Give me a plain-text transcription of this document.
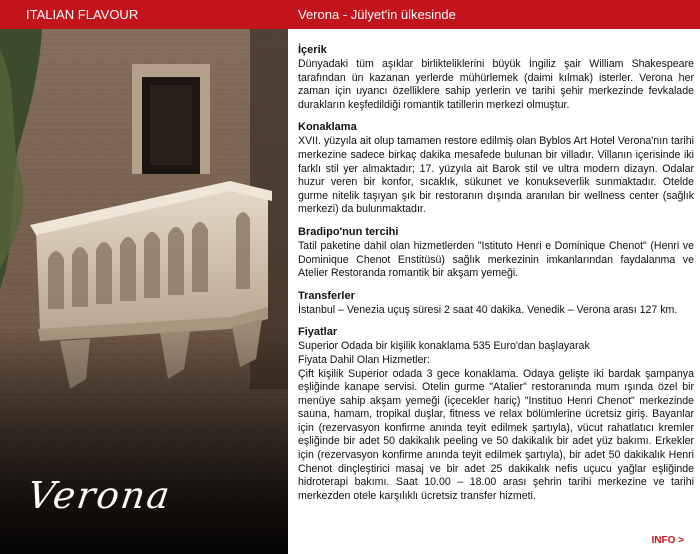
ITALIAN FLAVOUR
Verona
Verona - Jülyet'in ülkesinde
İçerik
Dünyadaki tüm aşıklar birlikteliklerini büyük İngiliz şair William Shakespeare tarafından ün kazanan yerlerde mühürlemek (daimi kılmak) isterler. Verona her zaman için uyancı özelliklere sahip yerlerin ve tarihi şehir merkezinde fevkalade durakların keşfedildiği romantik tatillerin merkezi olmuştur.
Konaklama
XVII. yüzyıla ait olup tamamen restore edilmiş olan Byblos Art Hotel Verona'nın tarihi merkezine sadece birkaç dakika mesafede bulunan bir villadır. Villanın içerisinde iki farklı stil yer almaktadır; 17. yüzyıla ait Barok stil ve ultra modern dizayn. Odalar huzur veren bir konfor, sıcaklık, sükunet ve konukseverlik sunmaktadır. Otelde gurme nitelik taşıyan şık bir restoranın dışında aranılan bir wellness center (sağlık merkezi) da bulunmaktadır.
Bradipo'nun tercihi
Tatil paketine dahil olan hizmetlerden "Istituto Henri e Dominique Chenot" (Henri ve Dominique Chenot Enstitüsü) sağlık merkezinin imkanlarından faydalanma ve Atelier Restoranda romantik bir akşam yemeği.
Transferler
İstanbul – Venezia uçuş süresi 2 saat 40 dakika. Venedik – Verona arası 127 km.
Fiyatlar
Superior Odada bir kişilik konaklama 535 Euro'dan başlayarak
Fiyata Dahil Olan Hizmetler:
Çift kişilik Superior odada 3 gece konaklama. Odaya gelişte iki bardak şampanya eşliğinde kanape servisi. Otelin gurme "Atalier" restoranında mum ışında özel bir menüye sahip akşam yemeği (içecekler hariç) "Instituo Henri Chenot" merkezinde sauna, hamam, tropikal duşlar, fitness ve relax bölümlerine ücretsiz giriş. Bayanlar için (rezervasyon konfirme anında teyit edilmek şartıyla), vücut rahatlatıcı kremler eşliğinde bir adet 50 dakikalık peeling ve 50 dakikalık bir adet yüz bakımı. Erkekler için (rezervasyon konfirme anında teyit edilmek şartıyla), bir adet 50 dakikalık Henri Chenot dinçleştirici masaj ve bir adet 25 dakikalık nefis uçucu yağlar eşliğinde hidroterapi bakımı. Saat 10.00 – 18.00 arası şehrin tarihi merkezine ve tarihi merkezden otele karşılıklı ücretsiz transfer hizmeti.
INFO >
